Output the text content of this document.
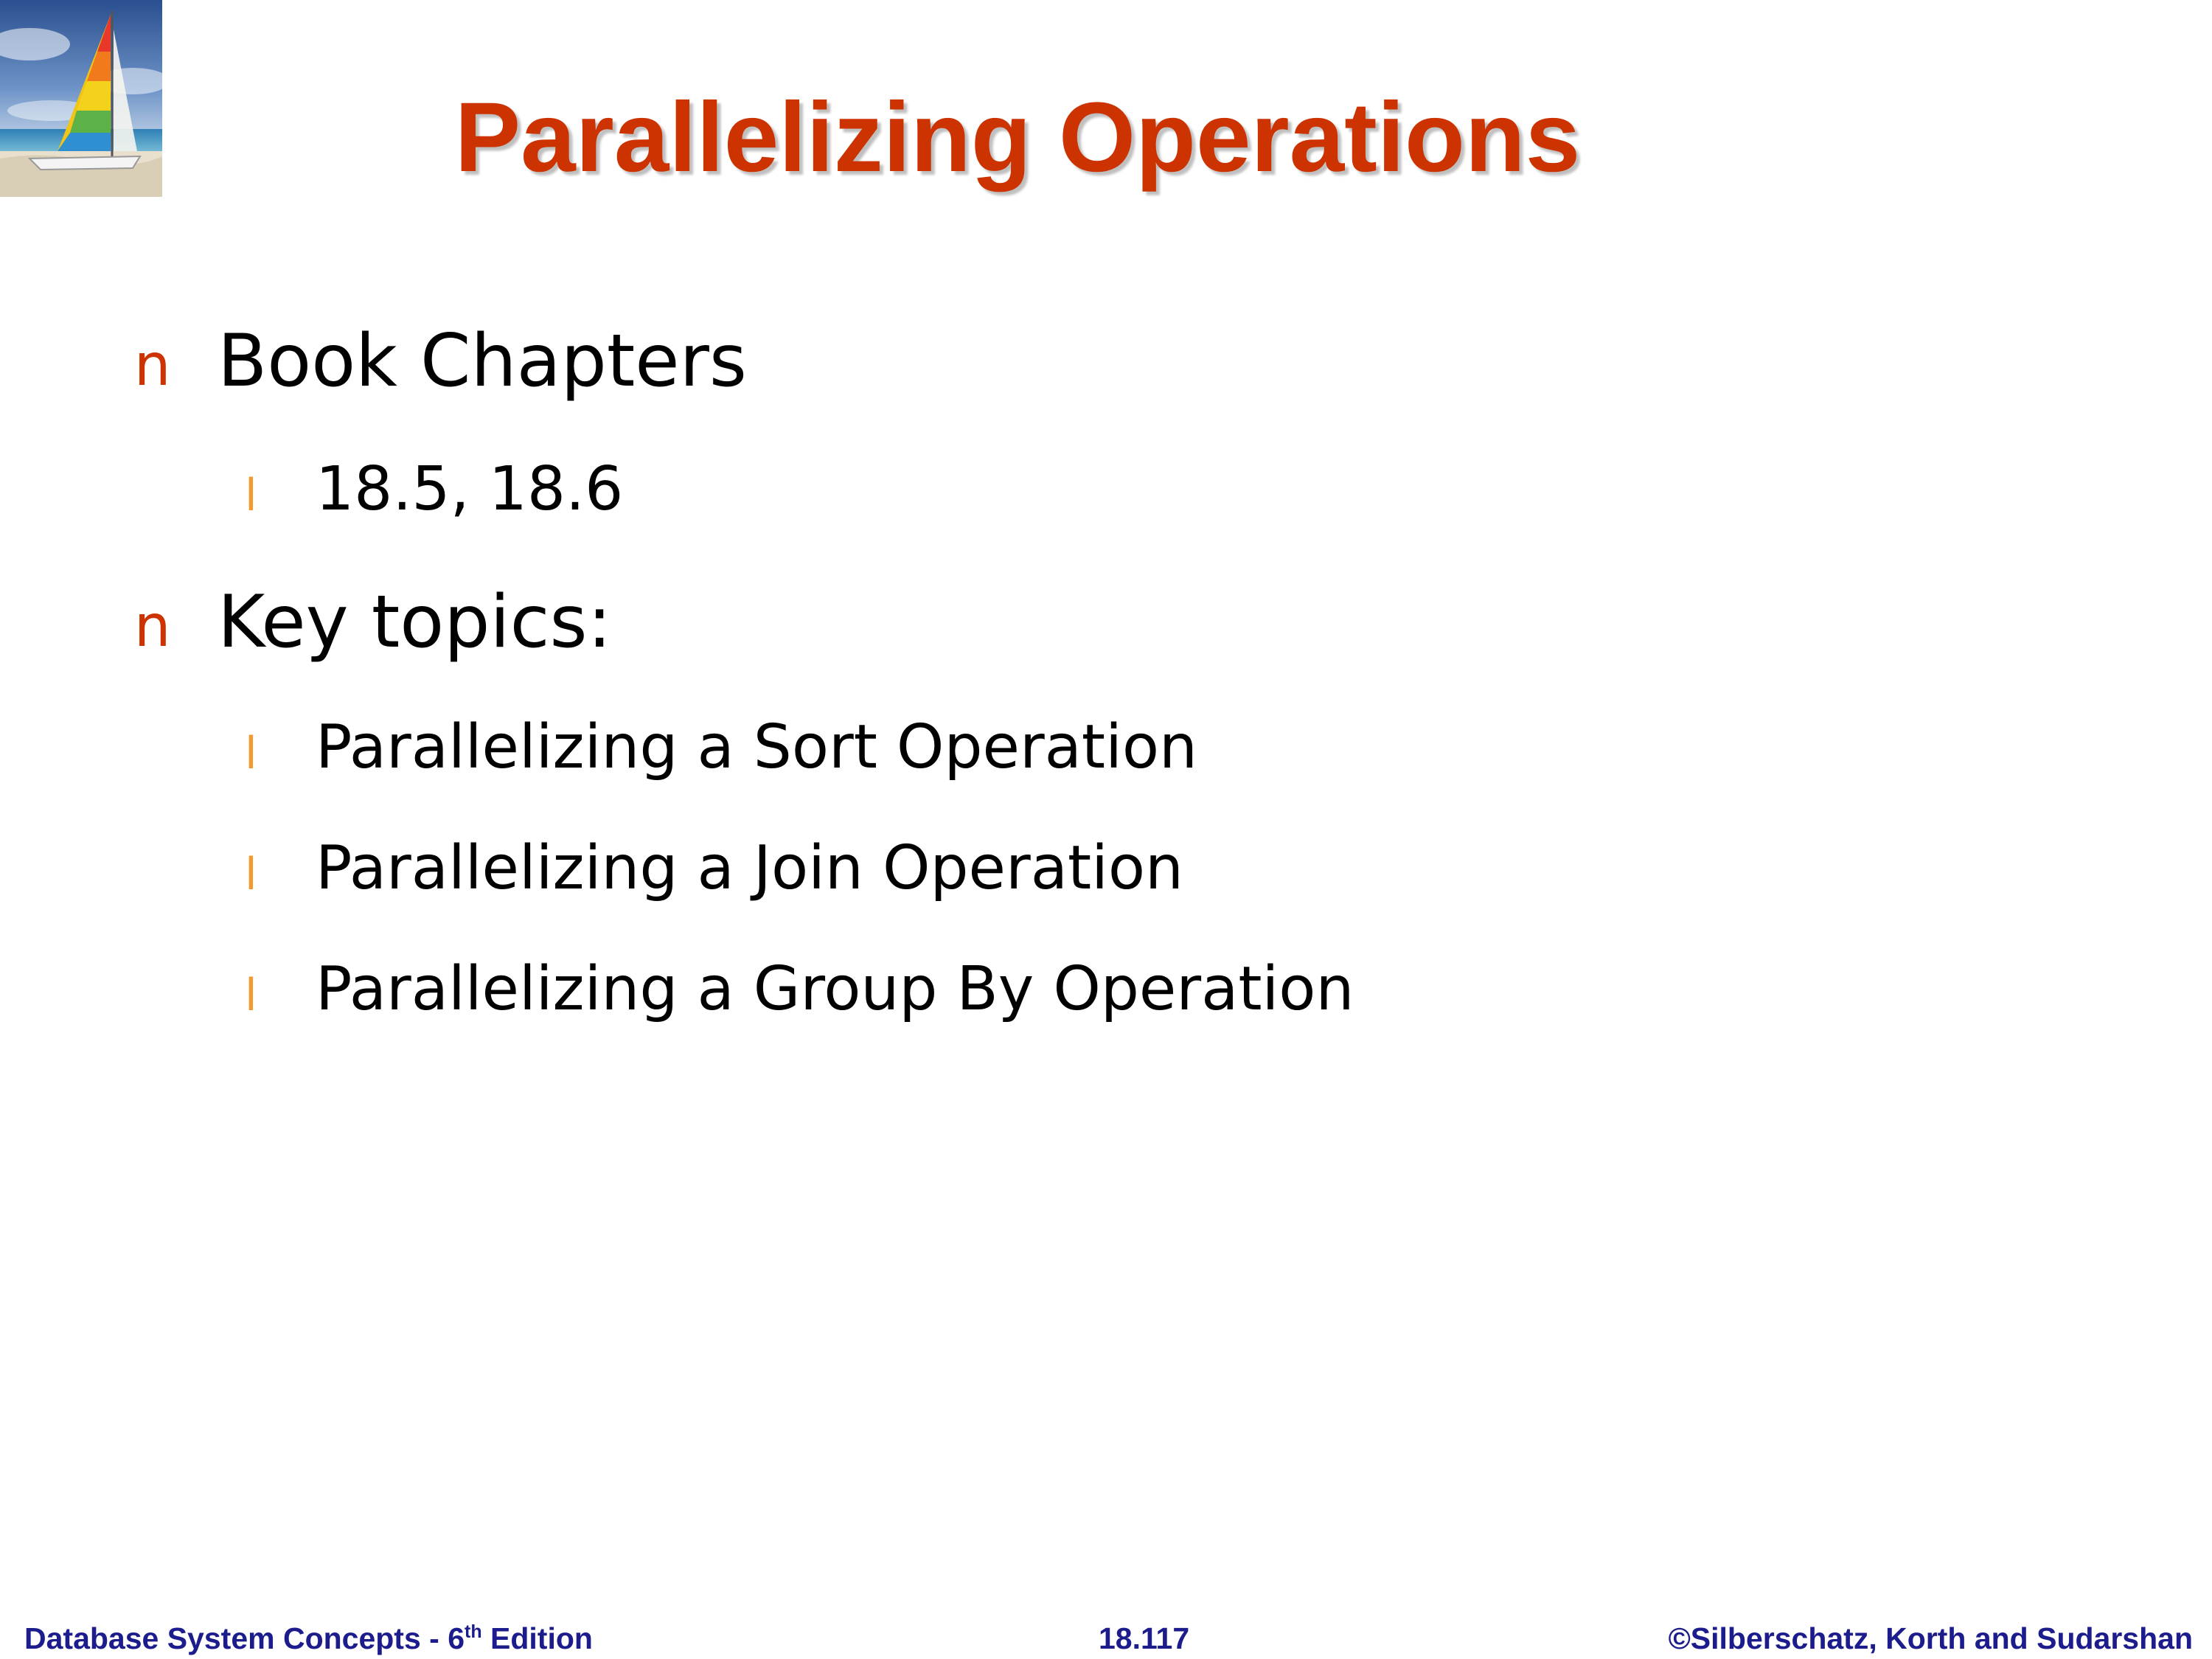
Parallelizing Operations
n Book Chapters
l 18.5, 18.6
n Key topics:
l Parallelizing a Sort Operation
l Parallelizing a Join Operation
l Parallelizing a Group By Operation
Database System Concepts - 6th Edition	18.117	©Silberschatz, Korth and Sudarshan
